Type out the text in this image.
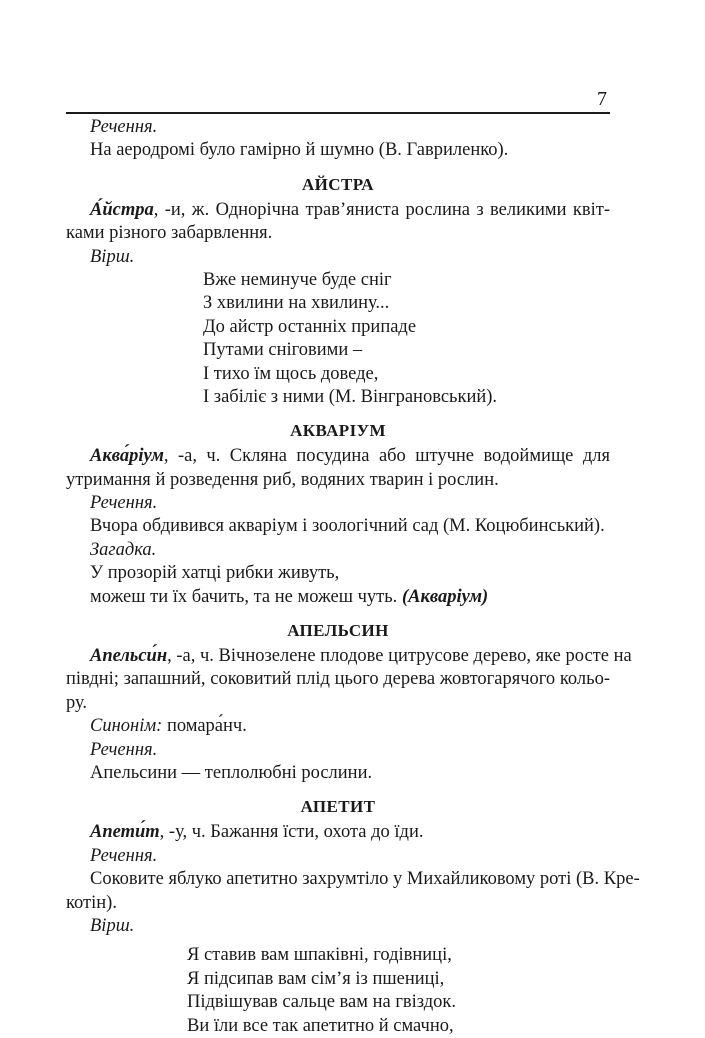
7
Речення.
На аеродромі було гамірно й шумно (В. Гавриленко).
АЙСТРА
А́йстра, -и, ж. Однорічна трав’яниста рослина з великими квіт-
ками різного забарвлення.
Вірш.
Вже неминуче буде сніг
З хвилини на хвилину...
До айстр останніх припаде
Путами сніговими –
І тихо їм щось доведе,
І забіліє з ними (М. Вінграновський).
АКВАРІУМ
Аква́ріум, -а, ч. Скляна посудина або штучне водоймище для
утримання й розведення риб, водяних тварин і рослин.
Речення.
Вчора обдивився акваріум і зоологічний сад (М. Коцюбинський).
Загадка.
У прозорій хатці рибки живуть,
можеш ти їх бачить, та не можеш чуть. (Акваріум)
АПЕЛЬСИН
Апельси́н, -а, ч. Вічнозелене плодове цитрусове дерево, яке росте на
півдні; запашний, соковитий плід цього дерева жовтогарячого кольо-
ру.
Синонім: помара́нч.
Речення.
Апельсини — теплолюбні рослини.
АПЕТИТ
Апети́т, -у, ч. Бажання їсти, охота до їди.
Речення.
Соковите яблуко апетитно захрумтіло у Михайликовому роті (В. Кре-
котін).
Вірш.
Я ставив вам шпаківні, годівниці,
Я підсипав вам сім’я із пшениці,
Підвішував сальце вам на гвіздок.
Ви їли все так апетитно й смачно,
